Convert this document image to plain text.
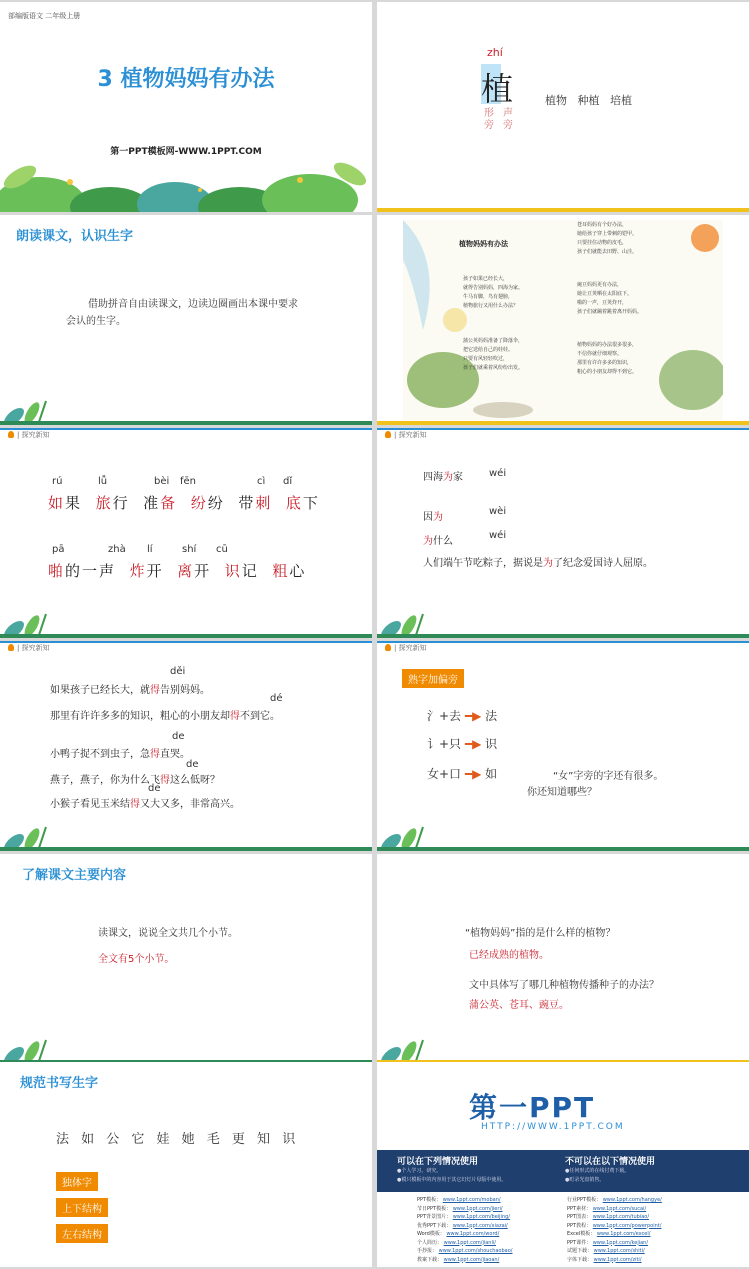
部编版语文 二年级上册
3 植物妈妈有办法
第一PPT模板网-WWW.1PPT.COM
zhí
植
形
旁
声
旁
植物   种植   培植
朗读课文，认识生字
借助拼音自由读课文，边读边圈画出本课中要求
会认的生字。
植物妈妈有办法
孩子如果已经长大，
就得告别妈妈，四海为家。
牛马有脚，鸟有翅膀，
植物旅行又用什么办法？
蒲公英妈妈准备了降落伞，
把它送给自己的娃娃。
只要有风轻轻吹过，
孩子们就乘着风纷纷出发。
苍耳妈妈有个好办法，
她给孩子穿上带刺的铠甲。
只要挂住动物的皮毛，
孩子们就能去田野、山洼。
豌豆妈妈更有办法，
她让豆荚晒在太阳底下。
啪的一声，豆荚炸开，
孩子们就蹦着跳着离开妈妈。
植物妈妈的办法很多很多，
不信你就仔细观察。
那里有许许多多的知识，
粗心的小朋友却得不到它。
| 探究新知
rú	lǚ	bèi fēn	cì dǐ
如果 旅行 准备 纷纷 带刺 底下
pā	zhà lí	shí cū
啪的一声 炸开 离开 识记 粗心
| 探究新知
四海为家	wéi
wèi
因为
wéi
为什么
人们端午节吃粽子，据说是为了纪念爱国诗人屈原。
| 探究新知
děi
如果孩子已经长大，就得告别妈妈。
dé
那里有许许多多的知识，粗心的小朋友却得不到它。
de
小鸭子捉不到虫子，急得直哭。
de
燕子，燕子，你为什么飞得这么低呀？
de
小猴子看见玉米结得又大又多，非常高兴。
| 探究新知
熟字加偏旁
氵+去 ━▶ 法
讠+只 ━▶ 识
女+口 ━▶ 如	“女”字旁的字还有很多。
你还知道哪些？
了解课文主要内容
读课文，说说全文共几个小节。
全文有5个小节。
“植物妈妈”指的是什么样的植物？
已经成熟的植物。
文中具体写了哪几种植物传播种子的办法？
蒲公英、苍耳、豌豆。
规范书写生字
法 如 公 它 娃 她 毛 更 知 识
独体字
上下结构
左右结构
第一PPT
HTTP://WWW.1PPT.COM
可以在下列情况使用
●个人学习、研究。
●模只模板中的内容用于其它幻灯片母版中使用。
不可以在以下情况使用
●任何形式的在线付费下载。
●町录光盘销售。
PPT模板： www.1ppt.com/moban/
节日PPT模板： www.1ppt.com/jieri/
PPT背景图片： www.1ppt.com/beijing/
优秀PPT下载： www.1ppt.com/xiazai/
Word模板： www.1ppt.com/word/
个人简历： www.1ppt.com/jianli/
手抄报： www.1ppt.com/shouchaobao/
教案下载： www.1ppt.com/jiaoan/
行业PPT模板： www.1ppt.com/hangye/
PPT素材： www.1ppt.com/sucai/
PPT图表： www.1ppt.com/tubiao/
PPT教程： www.1ppt.com/powerpoint/
Excel模板： www.1ppt.com/excel/
PPT课件： www.1ppt.com/kejian/
试题下载： www.1ppt.com/shiti/
字体下载： www.1ppt.com/ziti/
